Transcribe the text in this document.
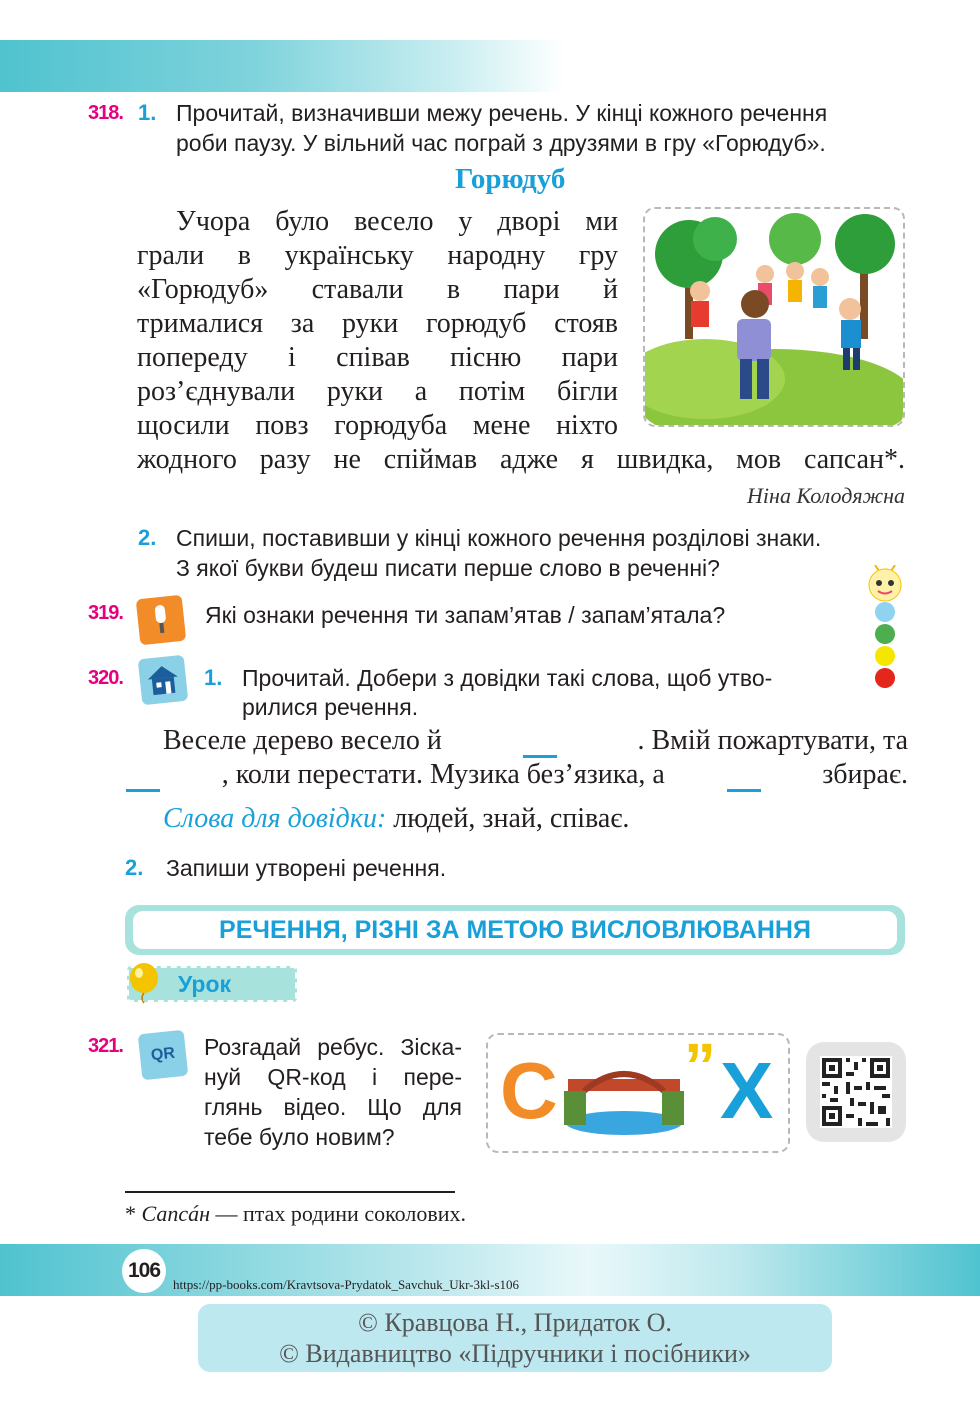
318. 1. Прочитай, визначивши межу речень. У кінці кожного речення
роби паузу. У вільний час пограй з друзями в гру «Горюдуб».
Горюдуб
Учора було весело у дворі ми
грали в українську народну гру
«Горюдуб» ставали в пари й
трималися за руки горюдуб стояв
попереду і співав пісню пари
роз’єднували руки а потім бігли
щосили повз горюдуба мене ніхто
жодного разу не спіймав адже я швидка, мов сапсан*.
Ніна Колодяжна
2. Спиши, поставивши у кінці кожного речення розділові знаки.
З якої букви будеш писати перше слово в реченні?
319.	Які ознаки речення ти запам’ятав / запам’ятала?
320.	1. Прочитай. Добери з довідки такі слова, щоб утво-
рилися речення.
Веселе дерево весело й	. Вмій пожартувати, та
, коли перестати. Музика без’язика, а	збирає.
Слова для довідки: людей, знай, співає.
2. Запиши утворені речення.
РЕЧЕННЯ, РІЗНІ ЗА МЕТОЮ ВИСЛОВЛЮВАННЯ
Урок
321. QR Розгадай ребус. Зіска-
нуй QR-код і пере-
глянь відео. Що для
тебе було новим?
С ” Х
* Сапсáн — птах родини соколових.
106
https://pp-books.com/Kravtsova-Prydatok_Savchuk_Ukr-3kl-s106
© Кравцова Н., Придаток О.
© Видавництво «Підручники і посібники»
